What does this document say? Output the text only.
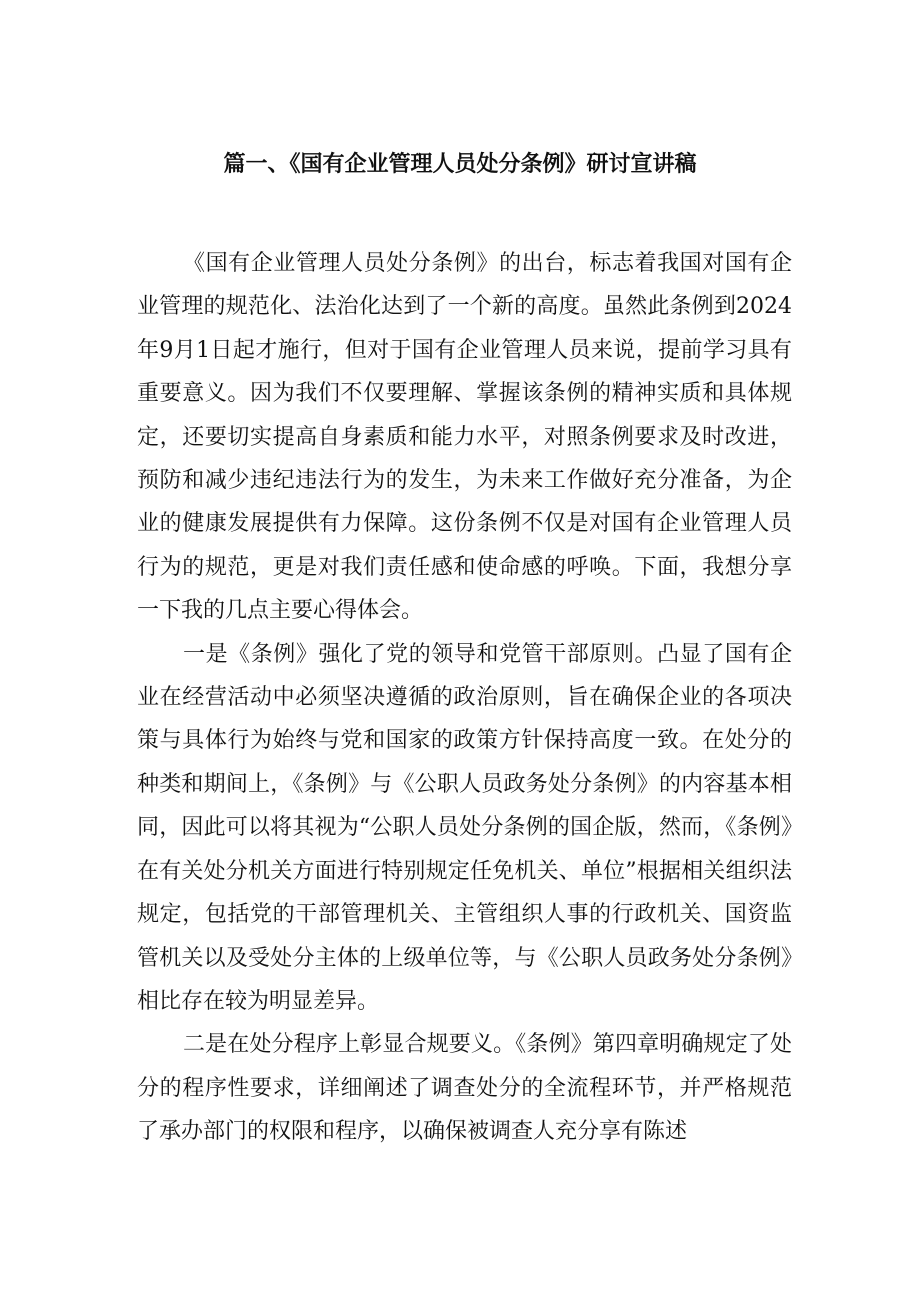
篇一、《国有企业管理人员处分条例》研讨宣讲稿

《国有企业管理人员处分条例》的出台，标志着我国对国有企业管理的规范化、法治化达到了一个新的高度。虽然此条例到2024年9月1日起才施行，但对于国有企业管理人员来说，提前学习具有重要意义。因为我们不仅要理解、掌握该条例的精神实质和具体规定，还要切实提高自身素质和能力水平，对照条例要求及时改进，预防和减少违纪违法行为的发生，为未来工作做好充分准备，为企业的健康发展提供有力保障。这份条例不仅是对国有企业管理人员行为的规范，更是对我们责任感和使命感的呼唤。下面，我想分享一下我的几点主要心得体会。

一是《条例》强化了党的领导和党管干部原则。凸显了国有企业在经营活动中必须坚决遵循的政治原则，旨在确保企业的各项决策与具体行为始终与党和国家的政策方针保持高度一致。在处分的种类和期间上，《条例》与《公职人员政务处分条例》的内容基本相同，因此可以将其视为“公职人员处分条例的国企版，然而，《条例》在有关处分机关方面进行特别规定任免机关、单位”根据相关组织法规定，包括党的干部管理机关、主管组织人事的行政机关、国资监管机关以及受处分主体的上级单位等，与《公职人员政务处分条例》相比存在较为明显差异。

二是在处分程序上彰显合规要义。《条例》第四章明确规定了处分的程序性要求，详细阐述了调查处分的全流程环节，并严格规范了承办部门的权限和程序，以确保被调查人充分享有陈述
